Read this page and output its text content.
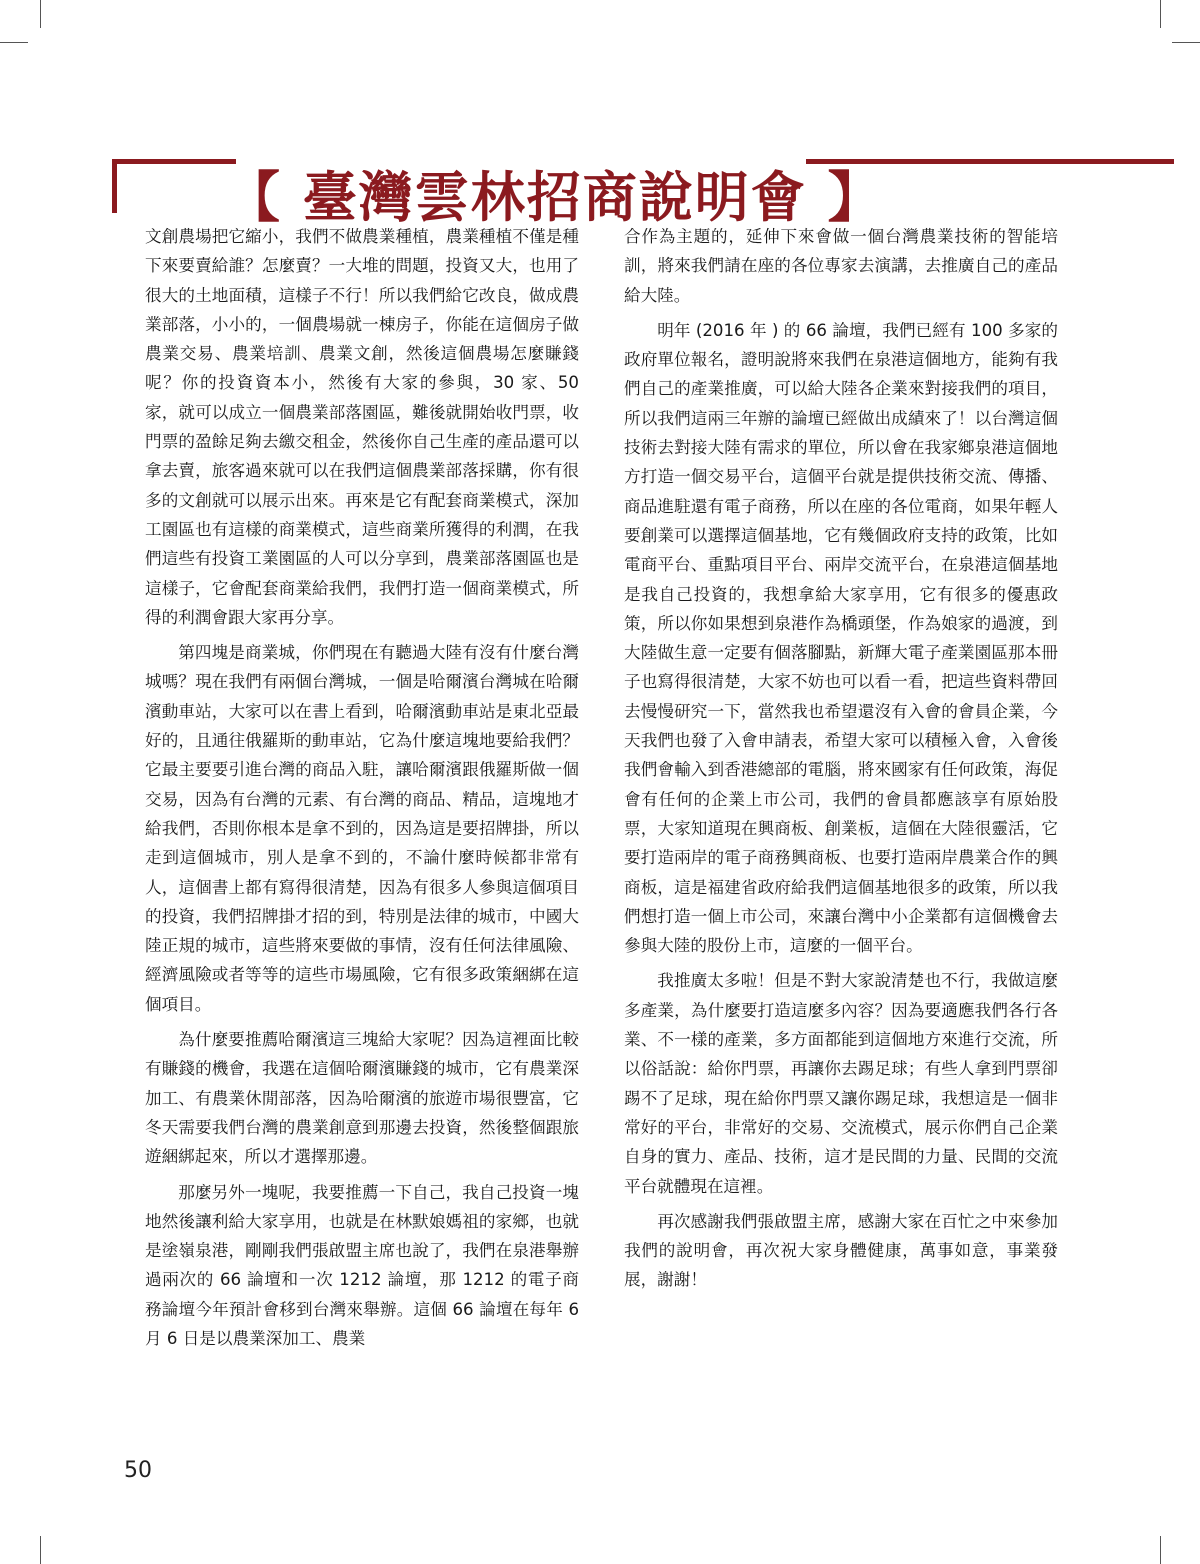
【 臺灣雲林招商說明會 】

文創農場把它縮小，我們不做農業種植，農業種植不僅是種下來要賣給誰？怎麼賣？一大堆的問題，投資又大，也用了很大的土地面積，這樣子不行！所以我們給它改良，做成農業部落，小小的，一個農場就一棟房子，你能在這個房子做農業交易、農業培訓、農業文創，然後這個農場怎麼賺錢呢？你的投資資本小，然後有大家的參與，30 家、50 家，就可以成立一個農業部落園區，難後就開始收門票，收門票的盈餘足夠去繳交租金，然後你自己生產的產品還可以拿去賣，旅客過來就可以在我們這個農業部落採購，你有很多的文創就可以展示出來。再來是它有配套商業模式，深加工園區也有這樣的商業模式，這些商業所獲得的利潤，在我們這些有投資工業園區的人可以分享到，農業部落園區也是這樣子，它會配套商業給我們，我們打造一個商業模式，所得的利潤會跟大家再分享。

第四塊是商業城，你們現在有聽過大陸有沒有什麼台灣城嗎？現在我們有兩個台灣城，一個是哈爾濱台灣城在哈爾濱動車站，大家可以在書上看到，哈爾濱動車站是東北亞最好的，且通往俄羅斯的動車站，它為什麼這塊地要給我們？它最主要要引進台灣的商品入駐，讓哈爾濱跟俄羅斯做一個交易，因為有台灣的元素、有台灣的商品、精品，這塊地才給我們，否則你根本是拿不到的，因為這是要招牌掛，所以走到這個城市，別人是拿不到的，不論什麼時候都非常有人，這個書上都有寫得很清楚，因為有很多人參與這個項目的投資，我們招牌掛才招的到，特別是法律的城市，中國大陸正規的城市，這些將來要做的事情，沒有任何法律風險、經濟風險或者等等的這些市場風險，它有很多政策綑綁在這個項目。

為什麼要推薦哈爾濱這三塊給大家呢？因為這裡面比較有賺錢的機會，我選在這個哈爾濱賺錢的城市，它有農業深加工、有農業休閒部落，因為哈爾濱的旅遊市場很豐富，它冬天需要我們台灣的農業創意到那邊去投資，然後整個跟旅遊綑綁起來，所以才選擇那邊。

那麼另外一塊呢，我要推薦一下自己，我自己投資一塊地然後讓利給大家享用，也就是在林默娘媽祖的家鄉，也就是塗嶺泉港，剛剛我們張啟盟主席也說了，我們在泉港舉辦過兩次的 66 論壇和一次 1212 論壇，那 1212 的電子商務論壇今年預計會移到台灣來舉辦。這個 66 論壇在每年 6 月 6 日是以農業深加工、農業

合作為主題的，延伸下來會做一個台灣農業技術的智能培訓，將來我們請在座的各位專家去演講，去推廣自己的產品給大陸。

明年 (2016 年 ) 的 66 論壇，我們已經有 100 多家的政府單位報名，證明說將來我們在泉港這個地方，能夠有我們自己的產業推廣，可以給大陸各企業來對接我們的項目，所以我們這兩三年辦的論壇已經做出成績來了！以台灣這個技術去對接大陸有需求的單位，所以會在我家鄉泉港這個地方打造一個交易平台，這個平台就是提供技術交流、傳播、商品進駐還有電子商務，所以在座的各位電商，如果年輕人要創業可以選擇這個基地，它有幾個政府支持的政策，比如電商平台、重點項目平台、兩岸交流平台，在泉港這個基地是我自己投資的，我想拿給大家享用，它有很多的優惠政策，所以你如果想到泉港作為橋頭堡，作為娘家的過渡，到大陸做生意一定要有個落腳點，新輝大電子產業園區那本冊子也寫得很清楚，大家不妨也可以看一看，把這些資料帶回去慢慢研究一下，當然我也希望還沒有入會的會員企業，今天我們也發了入會申請表，希望大家可以積極入會，入會後我們會輸入到香港總部的電腦，將來國家有任何政策，海促會有任何的企業上市公司，我們的會員都應該享有原始股票，大家知道現在興商板、創業板，這個在大陸很靈活，它要打造兩岸的電子商務興商板、也要打造兩岸農業合作的興商板，這是福建省政府給我們這個基地很多的政策，所以我們想打造一個上市公司，來讓台灣中小企業都有這個機會去參與大陸的股份上市，這麼的一個平台。

我推廣太多啦！但是不對大家說清楚也不行，我做這麼多產業，為什麼要打造這麼多內容？因為要適應我們各行各業、不一樣的產業，多方面都能到這個地方來進行交流，所以俗話說：給你門票，再讓你去踢足球；有些人拿到門票卻踢不了足球，現在給你門票又讓你踢足球，我想這是一個非常好的平台，非常好的交易、交流模式，展示你們自己企業自身的實力、產品、技術，這才是民間的力量、民間的交流平台就體現在這裡。

再次感謝我們張啟盟主席，感謝大家在百忙之中來參加我們的說明會，再次祝大家身體健康，萬事如意，事業發展，謝謝！

50
